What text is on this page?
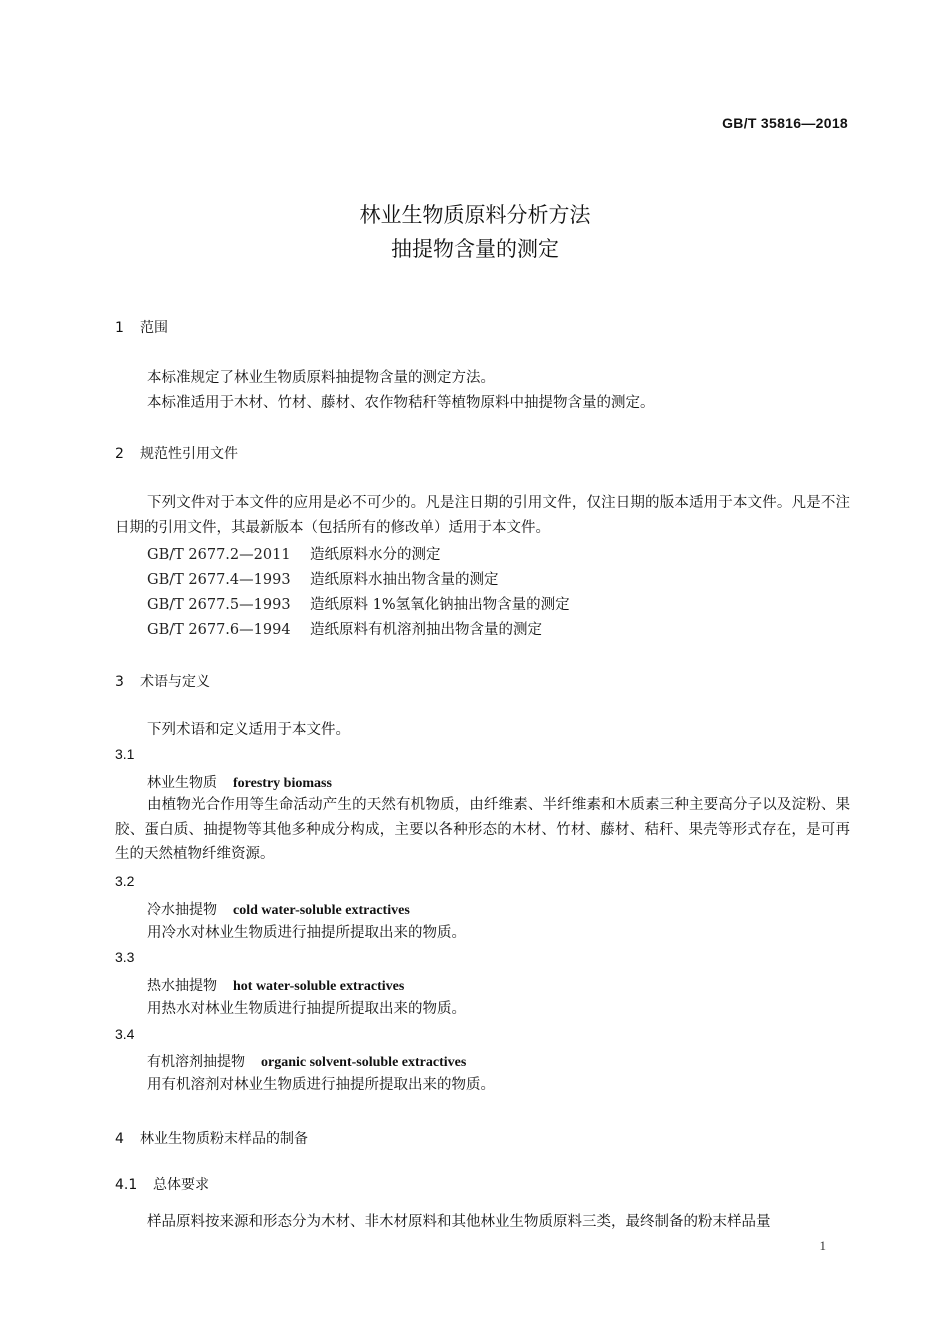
GB/T 35816—2018
林业生物质原料分析方法
抽提物含量的测定
1 范围
本标准规定了林业生物质原料抽提物含量的测定方法。
本标准适用于木材、竹材、藤材、农作物秸秆等植物原料中抽提物含量的测定。
2 规范性引用文件
下列文件对于本文件的应用是必不可少的。凡是注日期的引用文件，仅注日期的版本适用于本文件。凡是不注日期的引用文件，其最新版本（包括所有的修改单）适用于本文件。
GB/T 2677.2—2011 造纸原料水分的测定
GB/T 2677.4—1993 造纸原料水抽出物含量的测定
GB/T 2677.5—1993 造纸原料 1%氢氧化钠抽出物含量的测定
GB/T 2677.6—1994 造纸原料有机溶剂抽出物含量的测定
3 术语与定义
下列术语和定义适用于本文件。
3.1
林业生物质 forestry biomass
由植物光合作用等生命活动产生的天然有机物质，由纤维素、半纤维素和木质素三种主要高分子以及淀粉、果胶、蛋白质、抽提物等其他多种成分构成，主要以各种形态的木材、竹材、藤材、秸秆、果壳等形式存在，是可再生的天然植物纤维资源。
3.2
冷水抽提物 cold water-soluble extractives
用冷水对林业生物质进行抽提所提取出来的物质。
3.3
热水抽提物 hot water-soluble extractives
用热水对林业生物质进行抽提所提取出来的物质。
3.4
有机溶剂抽提物 organic solvent-soluble extractives
用有机溶剂对林业生物质进行抽提所提取出来的物质。
4 林业生物质粉末样品的制备
4.1 总体要求
样品原料按来源和形态分为木材、非木材原料和其他林业生物质原料三类，最终制备的粉末样品量
1
